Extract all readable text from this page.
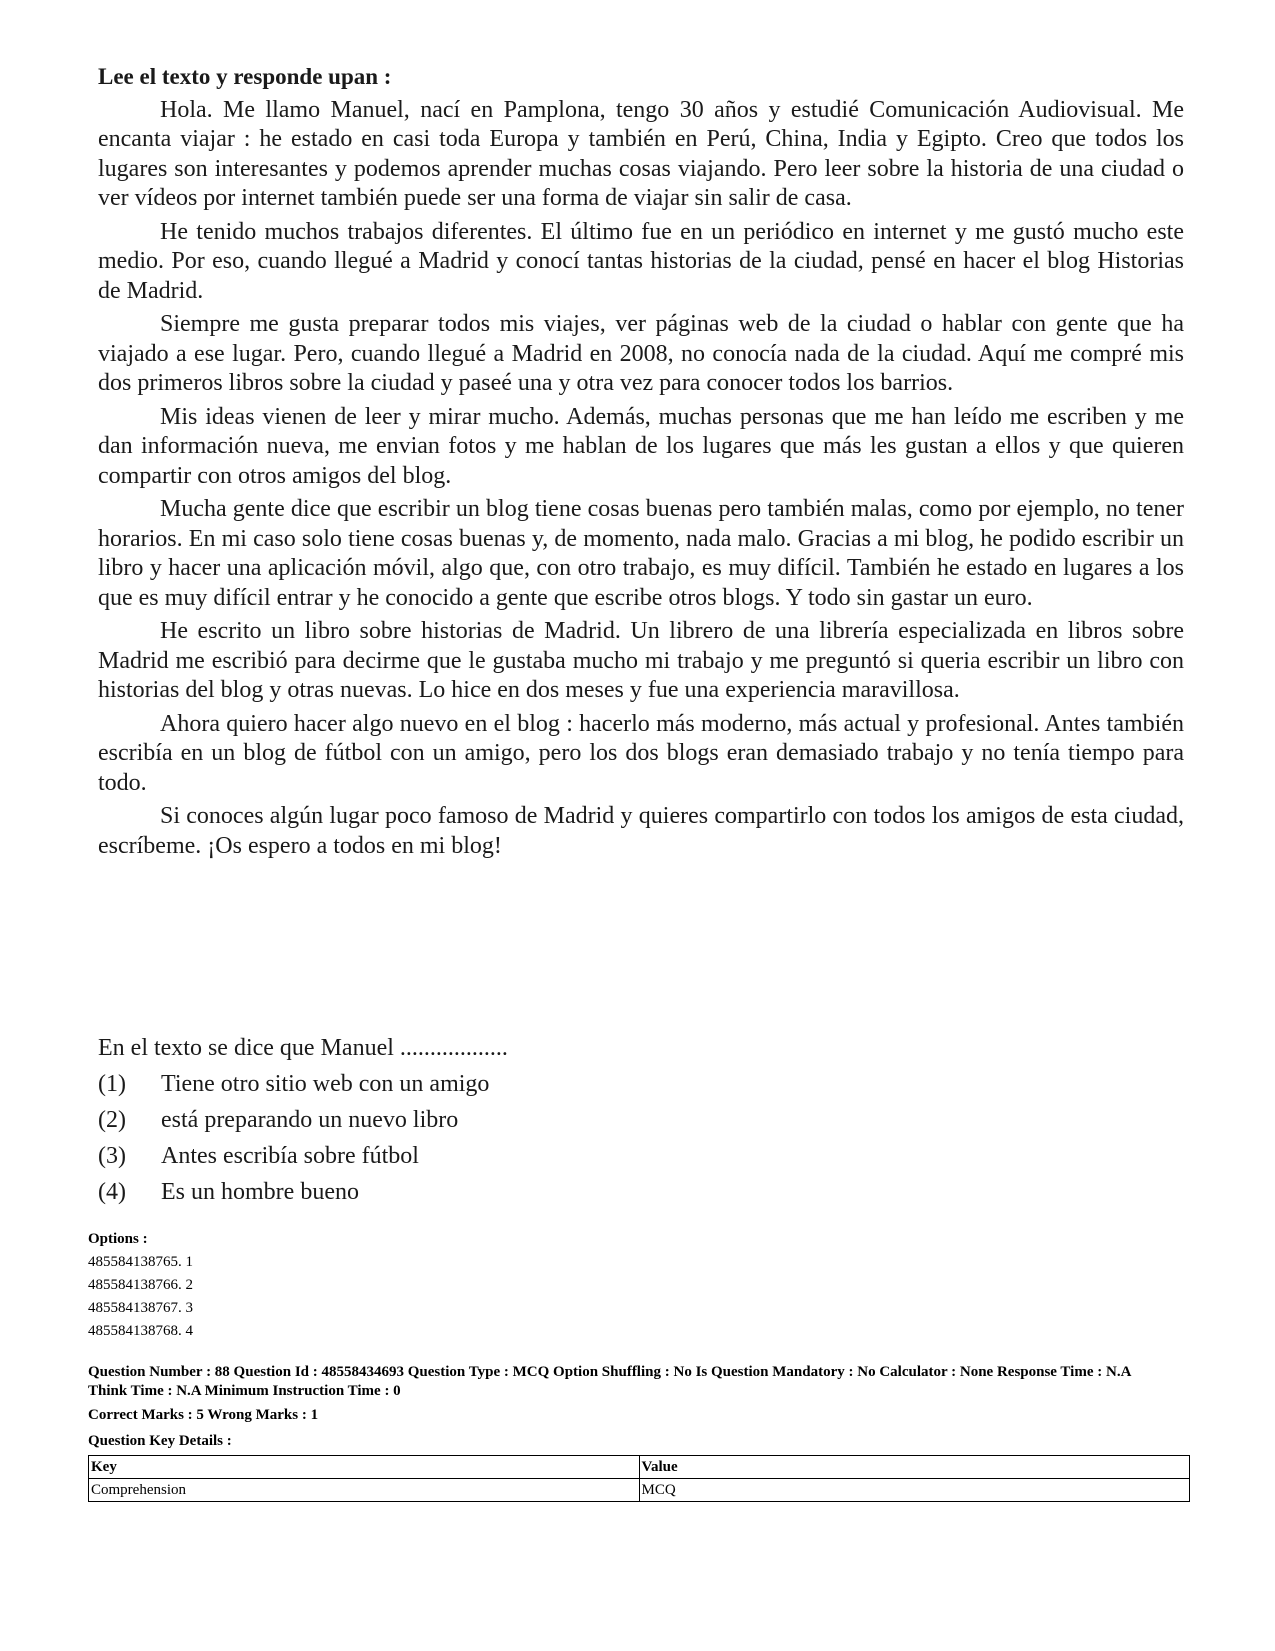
Lee el texto y responde upan :

Hola. Me llamo Manuel, nací en Pamplona, tengo 30 años y estudié Comunicación Audiovisual. Me encanta viajar : he estado en casi toda Europa y también en Perú, China, India y Egipto. Creo que todos los lugares son interesantes y podemos aprender muchas cosas viajando. Pero leer sobre la historia de una ciudad o ver vídeos por internet también puede ser una forma de viajar sin salir de casa.

He tenido muchos trabajos diferentes. El último fue en un periódico en internet y me gustó mucho este medio. Por eso, cuando llegué a Madrid y conocí tantas historias de la ciudad, pensé en hacer el blog Historias de Madrid.

Siempre me gusta preparar todos mis viajes, ver páginas web de la ciudad o hablar con gente que ha viajado a ese lugar. Pero, cuando llegué a Madrid en 2008, no conocía nada de la ciudad. Aquí me compré mis dos primeros libros sobre la ciudad y paseé una y otra vez para conocer todos los barrios.

Mis ideas vienen de leer y mirar mucho. Además, muchas personas que me han leído me escriben y me dan información nueva, me envian fotos y me hablan de los lugares que más les gustan a ellos y que quieren compartir con otros amigos del blog.

Mucha gente dice que escribir un blog tiene cosas buenas pero también malas, como por ejemplo, no tener horarios. En mi caso solo tiene cosas buenas y, de momento, nada malo. Gracias a mi blog, he podido escribir un libro y hacer una aplicación móvil, algo que, con otro trabajo, es muy difícil. También he estado en lugares a los que es muy difícil entrar y he conocido a gente que escribe otros blogs. Y todo sin gastar un euro.

He escrito un libro sobre historias de Madrid. Un librero de una librería especializada en libros sobre Madrid me escribió para decirme que le gustaba mucho mi trabajo y me preguntó si queria escribir un libro con historias del blog y otras nuevas. Lo hice en dos meses y fue una experiencia maravillosa.

Ahora quiero hacer algo nuevo en el blog : hacerlo más moderno, más actual y profesional. Antes también escribía en un blog de fútbol con un amigo, pero los dos blogs eran demasiado trabajo y no tenía tiempo para todo.

Si conoces algún lugar poco famoso de Madrid y quieres compartirlo con todos los amigos de esta ciudad, escríbeme. ¡Os espero a todos en mi blog!

En el texto se dice que Manuel ..................
(1)	Tiene otro sitio web con un amigo
(2)	está preparando un nuevo libro
(3)	Antes escribía sobre fútbol
(4)	Es un hombre bueno
Options :
485584138765. 1
485584138766. 2
485584138767. 3
485584138768. 4
Question Number : 88 Question Id : 48558434693 Question Type : MCQ Option Shuffling : No Is Question Mandatory : No Calculator : None Response Time : N.A Think Time : N.A Minimum Instruction Time : 0
Correct Marks : 5 Wrong Marks : 1
Question Key Details :
Key	Value
Comprehension	MCQ
